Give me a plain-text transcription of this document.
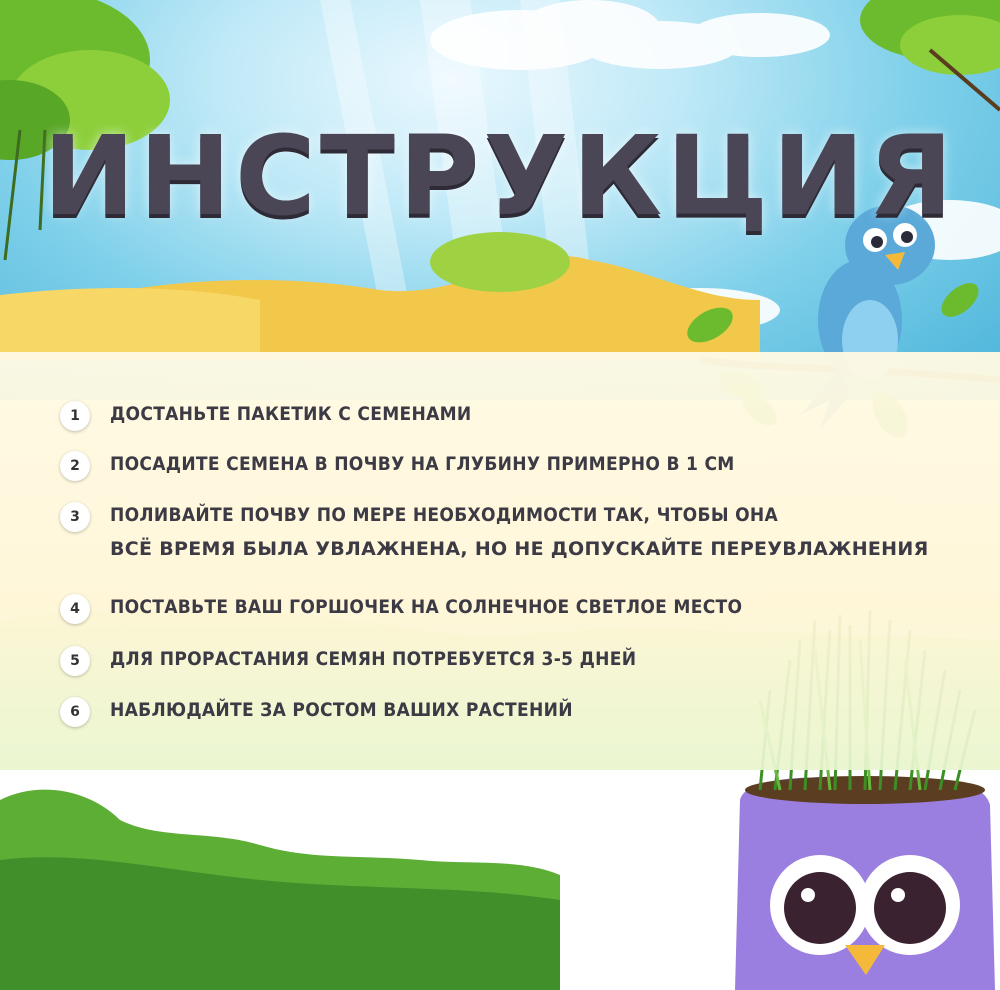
ИНСТРУКЦИЯ
1	ДОСТАНЬТЕ ПАКЕТИК С СЕМЕНАМИ
2	ПОСАДИТЕ СЕМЕНА В ПОЧВУ НА ГЛУБИНУ ПРИМЕРНО В 1 СМ
3	ПОЛИВАЙТЕ ПОЧВУ ПО МЕРЕ НЕОБХОДИМОСТИ ТАК, ЧТОБЫ ОНА
ВСЁ ВРЕМЯ БЫЛА УВЛАЖНЕНА, НО НЕ ДОПУСКАЙТЕ ПЕРЕУВЛАЖНЕНИЯ
4	ПОСТАВЬТЕ ВАШ ГОРШОЧЕК НА СОЛНЕЧНОЕ СВЕТЛОЕ МЕСТО
5	ДЛЯ ПРОРАСТАНИЯ СЕМЯН ПОТРЕБУЕТСЯ 3-5 ДНЕЙ
6	НАБЛЮДАЙТЕ ЗА РОСТОМ ВАШИХ РАСТЕНИЙ
